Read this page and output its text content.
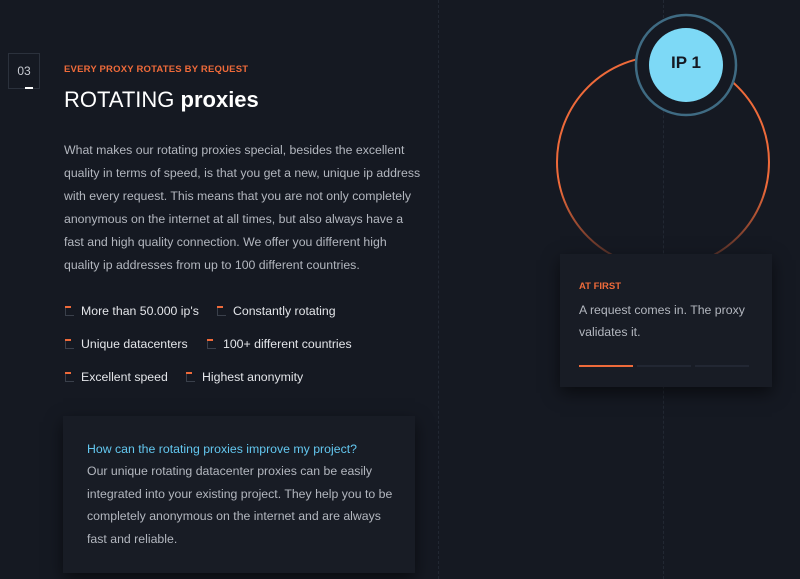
03	EVERY PROXY ROTATES BY REQUEST
ROTATING proxies
What makes our rotating proxies special, besides the excellent quality in terms of speed, is that you get a new, unique ip address with every request. This means that you are not only completely anonymous on the internet at all times, but also always have a fast and high quality connection. We offer you different high quality ip addresses from up to 100 different countries.
More than 50.000 ip's	Constantly rotating
Unique datacenters	100+ different countries
Excellent speed	Highest anonymity
How can the rotating proxies improve my project?
Our unique rotating datacenter proxies can be easily integrated into your existing project. They help you to be completely anonymous on the internet and are always fast and reliable.
IP 1
AT FIRST
A request comes in. The proxy validates it.
